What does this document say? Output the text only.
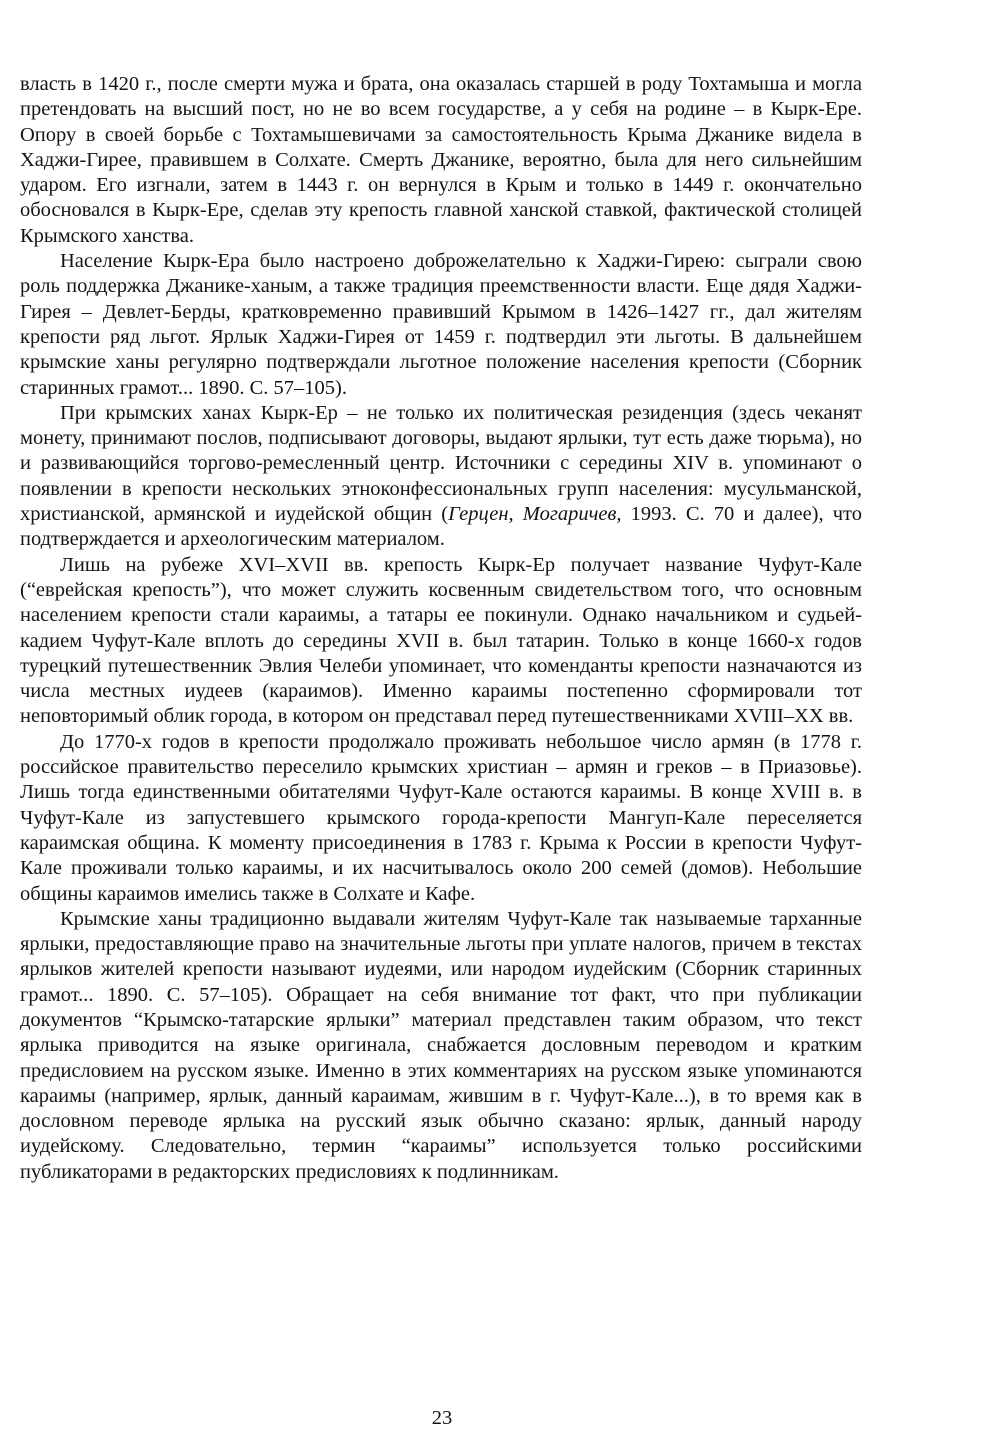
власть в 1420 г., после смерти мужа и брата, она оказалась старшей в роду Тохтамыша и могла претендовать на высший пост, но не во всем государстве, а у себя на родине – в Кырк-Ере. Опору в своей борьбе с Тохтамышевичами за самостоятельность Крыма Джанике видела в Хаджи-Гирее, правившем в Солхате. Смерть Джанике, вероятно, была для него сильнейшим ударом. Его изгнали, затем в 1443 г. он вернулся в Крым и только в 1449 г. окончательно обосновался в Кырк-Ере, сделав эту крепость главной ханской ставкой, фактической столицей Крымского ханства.

Население Кырк-Ера было настроено доброжелательно к Хаджи-Гирею: сыграли свою роль поддержка Джанике-ханым, а также традиция преемственности власти. Еще дядя Хаджи-Гирея – Девлет-Берды, кратковременно правивший Крымом в 1426–1427 гг., дал жителям крепости ряд льгот. Ярлык Хаджи-Гирея от 1459 г. подтвердил эти льготы. В дальнейшем крымские ханы регулярно подтверждали льготное положение населения крепости (Сборник старинных грамот... 1890. С. 57–105).

При крымских ханах Кырк-Ер – не только их политическая резиденция (здесь чеканят монету, принимают послов, подписывают договоры, выдают ярлыки, тут есть даже тюрьма), но и развивающийся торгово-ремесленный центр. Источники с середины XIV в. упоминают о появлении в крепости нескольких этноконфессиональных групп населения: мусульманской, христианской, армянской и иудейской общин (Герцен, Могаричев, 1993. С. 70 и далее), что подтверждается и археологическим материалом.

Лишь на рубеже XVI–XVII вв. крепость Кырк-Ер получает название Чуфут-Кале (“еврейская крепость”), что может служить косвенным свидетельством того, что основным населением крепости стали караимы, а татары ее покинули. Однако начальником и судьей-кадием Чуфут-Кале вплоть до середины XVII в. был татарин. Только в конце 1660-х годов турецкий путешественник Эвлия Челеби упоминает, что коменданты крепости назначаются из числа местных иудеев (караимов). Именно караимы постепенно сформировали тот неповторимый облик города, в котором он представал перед путешественниками XVIII–XX вв.

До 1770-х годов в крепости продолжало проживать небольшое число армян (в 1778 г. российское правительство переселило крымских христиан – армян и греков – в Приазовье). Лишь тогда единственными обитателями Чуфут-Кале остаются караимы. В конце XVIII в. в Чуфут-Кале из запустевшего крымского города-крепости Мангуп-Кале переселяется караимская община. К моменту присоединения в 1783 г. Крыма к России в крепости Чуфут-Кале проживали только караимы, и их насчитывалось около 200 семей (домов). Небольшие общины караимов имелись также в Солхате и Кафе.

Крымские ханы традиционно выдавали жителям Чуфут-Кале так называемые тарханные ярлыки, предоставляющие право на значительные льготы при уплате налогов, причем в текстах ярлыков жителей крепости называют иудеями, или народом иудейским (Сборник старинных грамот... 1890. С. 57–105). Обращает на себя внимание тот факт, что при публикации документов “Крымско-татарские ярлыки” материал представлен таким образом, что текст ярлыка приводится на языке оригинала, снабжается дословным переводом и кратким предисловием на русском языке. Именно в этих комментариях на русском языке упоминаются караимы (например, ярлык, данный караимам, жившим в г. Чуфут-Кале...), в то время как в дословном переводе ярлыка на русский язык обычно сказано: ярлык, данный народу иудейскому. Следовательно, термин “караимы” используется только российскими публикаторами в редакторских предисловиях к подлинникам.

23
